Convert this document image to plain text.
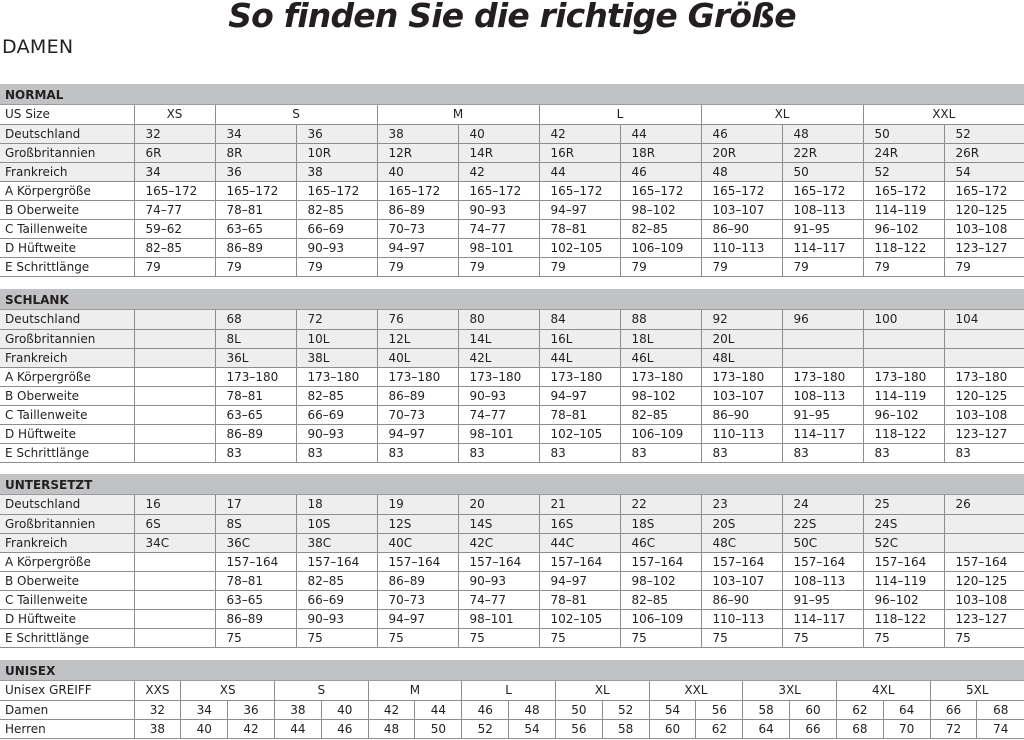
So finden Sie die richtige Größe
DAMEN
NORMAL
US Size	XS	S		M		L		XL		XXL	
Deutschland	32	34	36	38	40	42	44	46	48	50	52
Großbritannien	6R	8R	10R	12R	14R	16R	18R	20R	22R	24R	26R
Frankreich	34	36	38	40	42	44	46	48	50	52	54
A Körpergröße	165–172	165–172	165–172	165–172	165–172	165–172	165–172	165–172	165–172	165–172	165–172
B Oberweite	74–77	78–81	82–85	86–89	90–93	94–97	98–102	103–107	108–113	114–119	120–125
C Taillenweite	59–62	63–65	66–69	70–73	74–77	78–81	82–85	86–90	91–95	96–102	103–108
D Hüftweite	82–85	86–89	90–93	94–97	98–101	102–105	106–109	110–113	114–117	118–122	123–127
E Schrittlänge	79	79	79	79	79	79	79	79	79	79	79
SCHLANK
Deutschland		68	72	76	80	84	88	92	96	100	104
Großbritannien		8L	10L	12L	14L	16L	18L	20L			
Frankreich		36L	38L	40L	42L	44L	46L	48L			
A Körpergröße		173–180	173–180	173–180	173–180	173–180	173–180	173–180	173–180	173–180	173–180
B Oberweite		78–81	82–85	86–89	90–93	94–97	98–102	103–107	108–113	114–119	120–125
C Taillenweite		63–65	66–69	70–73	74–77	78–81	82–85	86–90	91–95	96–102	103–108
D Hüftweite		86–89	90–93	94–97	98–101	102–105	106–109	110–113	114–117	118–122	123–127
E Schrittlänge		83	83	83	83	83	83	83	83	83	83
UNTERSETZT
Deutschland	16	17	18	19	20	21	22	23	24	25	26
Großbritannien	6S	8S	10S	12S	14S	16S	18S	20S	22S	24S	
Frankreich	34C	36C	38C	40C	42C	44C	46C	48C	50C	52C	
A Körpergröße		157–164	157–164	157–164	157–164	157–164	157–164	157–164	157–164	157–164	157–164
B Oberweite		78–81	82–85	86–89	90–93	94–97	98–102	103–107	108–113	114–119	120–125
C Taillenweite		63–65	66–69	70–73	74–77	78–81	82–85	86–90	91–95	96–102	103–108
D Hüftweite		86–89	90–93	94–97	98–101	102–105	106–109	110–113	114–117	118–122	123–127
E Schrittlänge		75	75	75	75	75	75	75	75	75	75
UNISEX
Unisex GREIFF	XXS	XS		S		M		L		XL		XXL		3XL		4XL		5XL	
Damen	32	34	36	38	40	42	44	46	48	50	52	54	56	58	60	62	64	66	68
Herren	38	40	42	44	46	48	50	52	54	56	58	60	62	64	66	68	70	72	74
